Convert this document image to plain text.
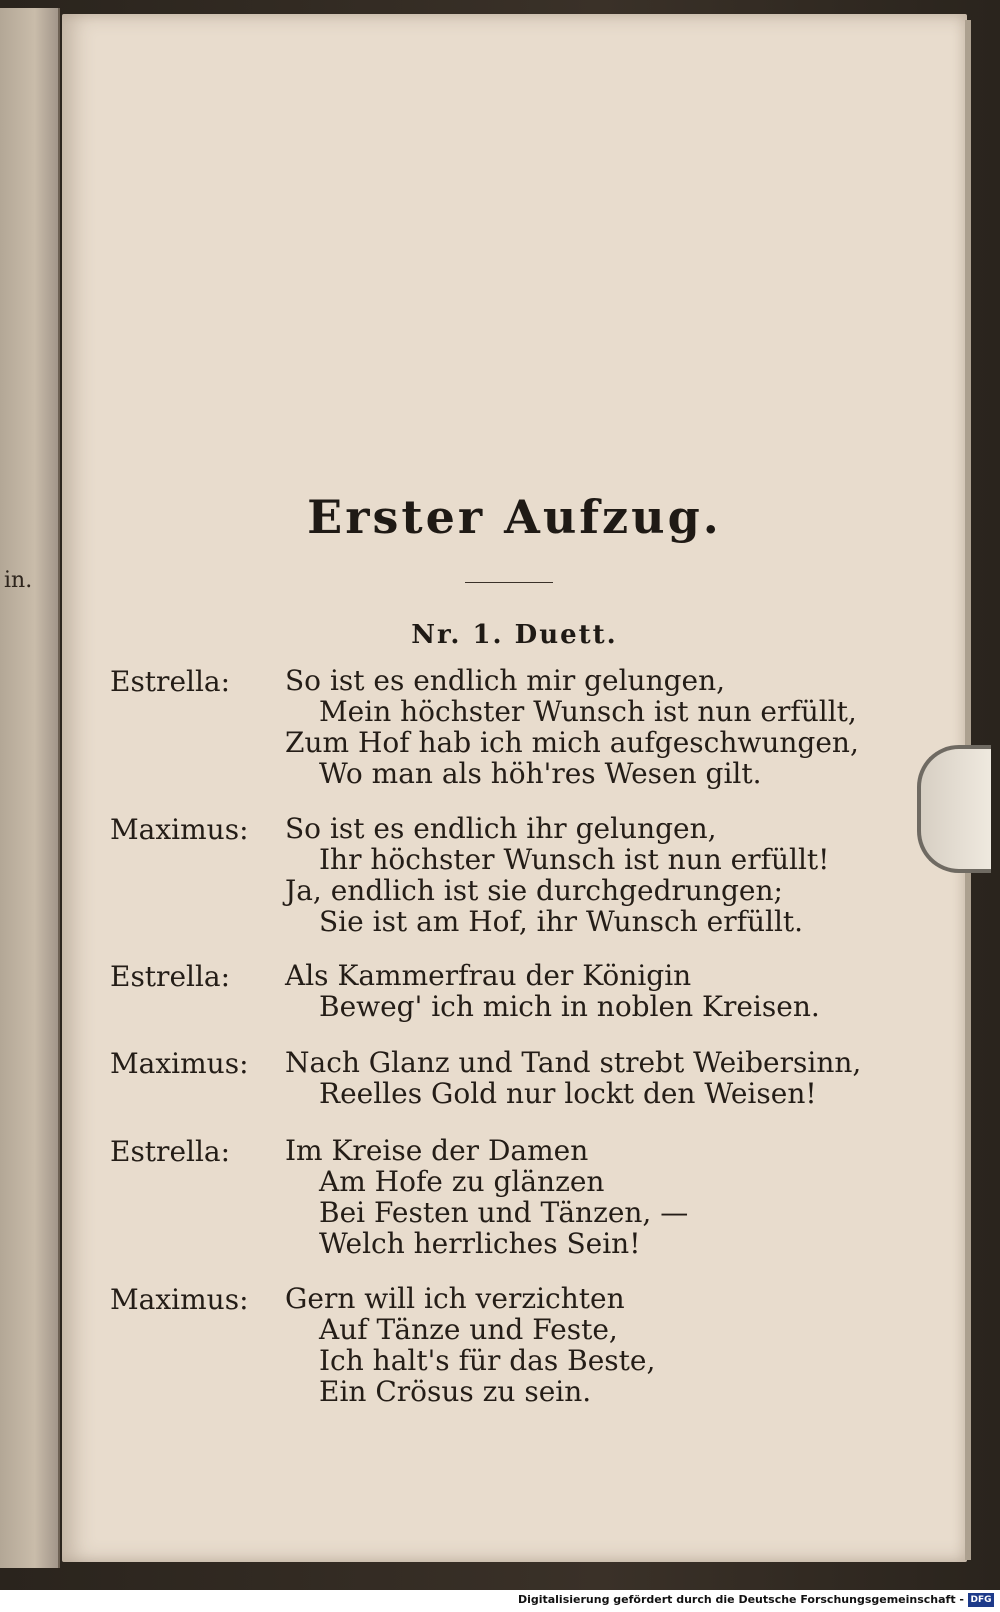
in.
Erster Aufzug.
Nr. 1. Duett.
Estrella: So ist es endlich mir gelungen,
Mein höchster Wunsch ist nun erfüllt,
Zum Hof hab ich mich aufgeschwungen,
Wo man als höh'res Wesen gilt.
Maximus: So ist es endlich ihr gelungen,
Ihr höchster Wunsch ist nun erfüllt!
Ja, endlich ist sie durchgedrungen;
Sie ist am Hof, ihr Wunsch erfüllt.
Estrella: Als Kammerfrau der Königin
Beweg' ich mich in noblen Kreisen.
Maximus: Nach Glanz und Tand strebt Weibersinn,
Reelles Gold nur lockt den Weisen!
Estrella: Im Kreise der Damen
Am Hofe zu glänzen
Bei Festen und Tänzen, —
Welch herrliches Sein!
Maximus: Gern will ich verzichten
Auf Tänze und Feste,
Ich halt's für das Beste,
Ein Crösus zu sein.
Digitalisierung gefördert durch die Deutsche Forschungsgemeinschaft - DFG
